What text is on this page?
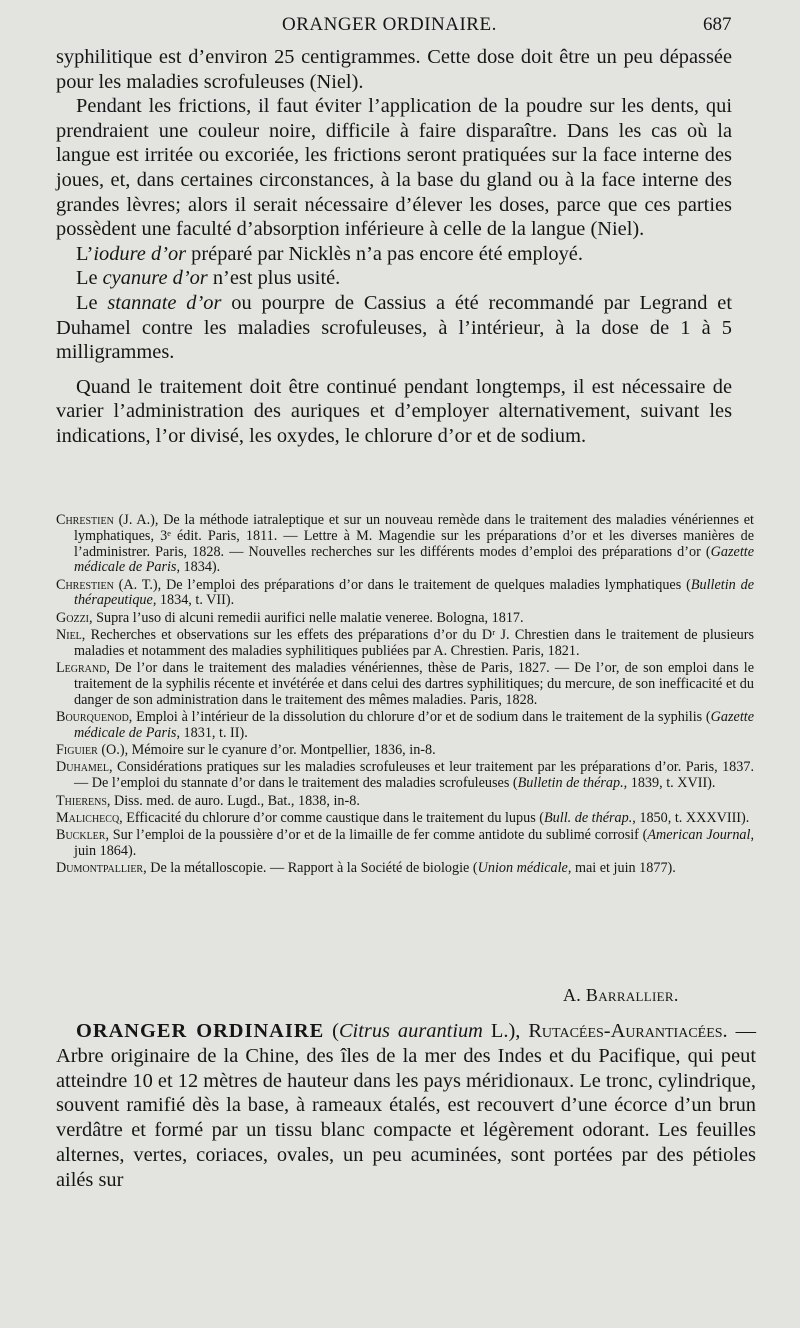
ORANGER ORDINAIRE.	687

syphilitique est d’environ 25 centigrammes. Cette dose doit être un peu dépassée pour les maladies scrofuleuses (Niel).

Pendant les frictions, il faut éviter l’application de la poudre sur les dents, qui prendraient une couleur noire, difficile à faire disparaître. Dans les cas où la langue est irritée ou excoriée, les frictions seront pratiquées sur la face interne des joues, et, dans certaines circonstances, à la base du gland ou à la face interne des grandes lèvres; alors il serait nécessaire d’élever les doses, parce que ces parties possèdent une faculté d’absorption inférieure à celle de la langue (Niel).

L’iodure d’or préparé par Nicklès n’a pas encore été employé.

Le cyanure d’or n’est plus usité.

Le stannate d’or ou pourpre de Cassius a été recommandé par Legrand et Duhamel contre les maladies scrofuleuses, à l’intérieur, à la dose de 1 à 5 milligrammes.

Quand le traitement doit être continué pendant longtemps, il est nécessaire de varier l’administration des auriques et d’employer alternativement, suivant les indications, l’or divisé, les oxydes, le chlorure d’or et de sodium.

Chrestien (J. A.), De la méthode iatraleptique et sur un nouveau remède dans le traitement des maladies vénériennes et lymphatiques, 3ᵉ édit. Paris, 1811. — Lettre à M. Magendie sur les préparations d’or et les diverses manières de l’administrer. Paris, 1828. — Nouvelles recherches sur les différents modes d’emploi des préparations d’or (Gazette médicale de Paris, 1834).

Chrestien (A. T.), De l’emploi des préparations d’or dans le traitement de quelques maladies lymphatiques (Bulletin de thérapeutique, 1834, t. VII).

Gozzi, Supra l’uso di alcuni remedii aurifici nelle malatie veneree. Bologna, 1817.

Niel, Recherches et observations sur les effets des préparations d’or du Dʳ J. Chrestien dans le traitement de plusieurs maladies et notamment des maladies syphilitiques publiées par A. Chrestien. Paris, 1821.

Legrand, De l’or dans le traitement des maladies vénériennes, thèse de Paris, 1827. — De l’or, de son emploi dans le traitement de la syphilis récente et invétérée et dans celui des dartres syphilitiques; du mercure, de son inefficacité et du danger de son administration dans le traitement des mêmes maladies. Paris, 1828.

Bourquenod, Emploi à l’intérieur de la dissolution du chlorure d’or et de sodium dans le traitement de la syphilis (Gazette médicale de Paris, 1831, t. II).

Figuier (O.), Mémoire sur le cyanure d’or. Montpellier, 1836, in-8.

Duhamel, Considérations pratiques sur les maladies scrofuleuses et leur traitement par les préparations d’or. Paris, 1837. — De l’emploi du stannate d’or dans le traitement des maladies scrofuleuses (Bulletin de thérap., 1839, t. XVII).

Thierens, Diss. med. de auro. Lugd., Bat., 1838, in-8.

Malichecq, Efficacité du chlorure d’or comme caustique dans le traitement du lupus (Bull. de thérap., 1850, t. XXXVIII).

Buckler, Sur l’emploi de la poussière d’or et de la limaille de fer comme antidote du sublimé corrosif (American Journal, juin 1864).

Dumontpallier, De la métalloscopie. — Rapport à la Société de biologie (Union médicale, mai et juin 1877).

A. Barrallier.

ORANGER ORDINAIRE (Citrus aurantium L.), Rutacées-Aurantiacées. — Arbre originaire de la Chine, des îles de la mer des Indes et du Pacifique, qui peut atteindre 10 et 12 mètres de hauteur dans les pays méridionaux. Le tronc, cylindrique, souvent ramifié dès la base, à rameaux étalés, est recouvert d’une écorce d’un brun verdâtre et formé par un tissu blanc compacte et légèrement odorant. Les feuilles alternes, vertes, coriaces, ovales, un peu acuminées, sont portées par des pétioles ailés sur
